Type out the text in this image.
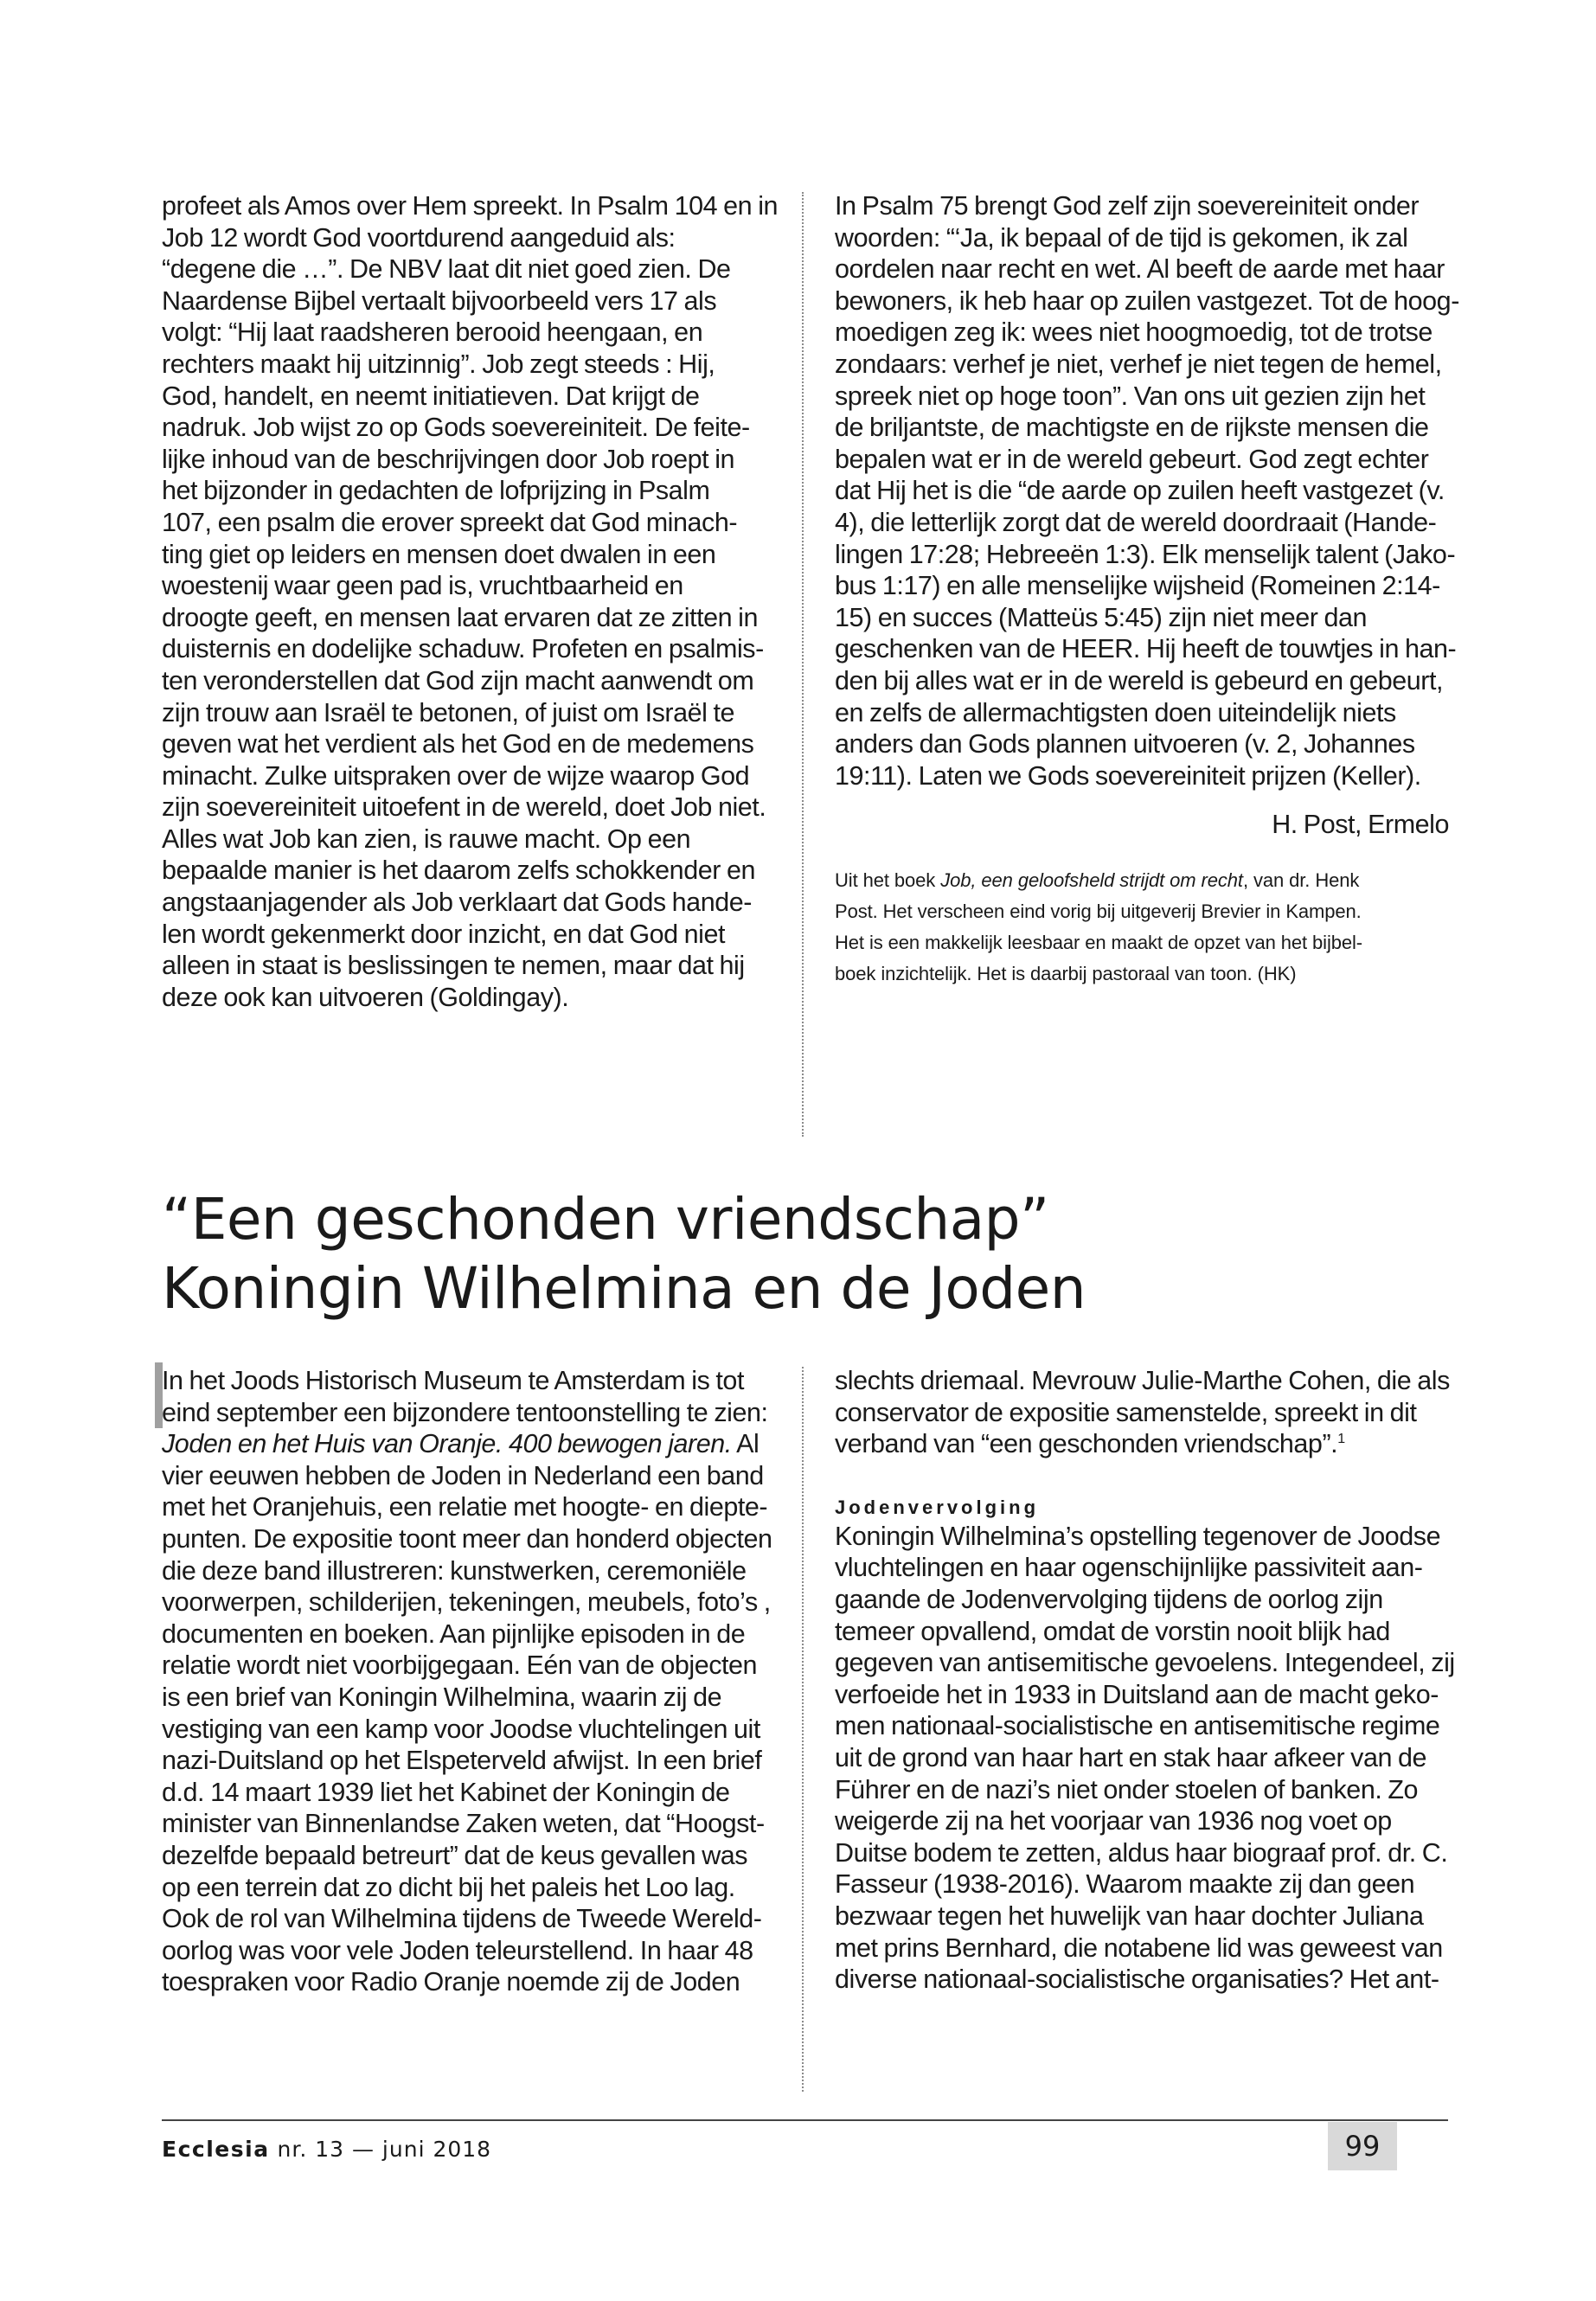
profeet als Amos over Hem spreekt. In Psalm 104 en in
Job 12 wordt God voortdurend aangeduid als:
“degene die …”. De NBV laat dit niet goed zien. De
Naardense Bijbel vertaalt bijvoorbeeld vers 17 als
volgt: “Hij laat raadsheren berooid heengaan, en
rechters maakt hij uitzinnig”. Job zegt steeds : Hij,
God, handelt, en neemt initiatieven. Dat krijgt de
nadruk. Job wijst zo op Gods soevereiniteit. De feite-
lijke inhoud van de beschrijvingen door Job roept in
het bijzonder in gedachten de lofprijzing in Psalm
107, een psalm die erover spreekt dat God minach-
ting giet op leiders en mensen doet dwalen in een
woestenij waar geen pad is, vruchtbaarheid en
droogte geeft, en mensen laat ervaren dat ze zitten in
duisternis en dodelijke schaduw. Profeten en psalmis-
ten veronderstellen dat God zijn macht aanwendt om
zijn trouw aan Israël te betonen, of juist om Israël te
geven wat het verdient als het God en de medemens
minacht. Zulke uitspraken over de wijze waarop God
zijn soevereiniteit uitoefent in de wereld, doet Job niet.
Alles wat Job kan zien, is rauwe macht. Op een
bepaalde manier is het daarom zelfs schokkender en
angstaanjagender als Job verklaart dat Gods hande-
len wordt gekenmerkt door inzicht, en dat God niet
alleen in staat is beslissingen te nemen, maar dat hij
deze ook kan uitvoeren (Goldingay).
In Psalm 75 brengt God zelf zijn soevereiniteit onder
woorden: “‘Ja, ik bepaal of de tijd is gekomen, ik zal
oordelen naar recht en wet. Al beeft de aarde met haar
bewoners, ik heb haar op zuilen vastgezet. Tot de hoog-
moedigen zeg ik: wees niet hoogmoedig, tot de trotse
zondaars: verhef je niet, verhef je niet tegen de hemel,
spreek niet op hoge toon”. Van ons uit gezien zijn het
de briljantste, de machtigste en de rijkste mensen die
bepalen wat er in de wereld gebeurt. God zegt echter
dat Hij het is die “de aarde op zuilen heeft vastgezet (v.
4), die letterlijk zorgt dat de wereld doordraait (Hande-
lingen 17:28; Hebreeën 1:3). Elk menselijk talent (Jako-
bus 1:17) en alle menselijke wijsheid (Romeinen 2:14-
15) en succes (Matteüs 5:45) zijn niet meer dan
geschenken van de HEER. Hij heeft de touwtjes in han-
den bij alles wat er in de wereld is gebeurd en gebeurt,
en zelfs de allermachtigsten doen uiteindelijk niets
anders dan Gods plannen uitvoeren (v. 2, Johannes
19:11). Laten we Gods soevereiniteit prijzen (Keller).
H. Post, Ermelo
Uit het boek Job, een geloofsheld strijdt om recht, van dr. Henk
Post. Het verscheen eind vorig bij uitgeverij Brevier in Kampen.
Het is een makkelijk leesbaar en maakt de opzet van het bijbel-
boek inzichtelijk. Het is daarbij pastoraal van toon. (HK)
“Een geschonden vriendschap”
Koningin Wilhelmina en de Joden
In het Joods Historisch Museum te Amsterdam is tot
eind september een bijzondere tentoonstelling te zien:
Joden en het Huis van Oranje. 400 bewogen jaren. Al
vier eeuwen hebben de Joden in Nederland een band
met het Oranjehuis, een relatie met hoogte- en diepte-
punten. De expositie toont meer dan honderd objecten
die deze band illustreren: kunstwerken, ceremoniële
voorwerpen, schilderijen, tekeningen, meubels, foto’s ,
documenten en boeken. Aan pijnlijke episoden in de
relatie wordt niet voorbijgegaan. Eén van de objecten
is een brief van Koningin Wilhelmina, waarin zij de
vestiging van een kamp voor Joodse vluchtelingen uit
nazi-Duitsland op het Elspeterveld afwijst. In een brief
d.d. 14 maart 1939 liet het Kabinet der Koningin de
minister van Binnenlandse Zaken weten, dat “Hoogst-
dezelfde bepaald betreurt” dat de keus gevallen was
op een terrein dat zo dicht bij het paleis het Loo lag.
Ook de rol van Wilhelmina tijdens de Tweede Wereld-
oorlog was voor vele Joden teleurstellend. In haar 48
toespraken voor Radio Oranje noemde zij de Joden
slechts driemaal. Mevrouw Julie-Marthe Cohen, die als
conservator de expositie samenstelde, spreekt in dit
verband van “een geschonden vriendschap”.$^1$
Jodenvervolging
Koningin Wilhelmina’s opstelling tegenover de Joodse
vluchtelingen en haar ogenschijnlijke passiviteit aan-
gaande de Jodenvervolging tijdens de oorlog zijn
temeer opvallend, omdat de vorstin nooit blijk had
gegeven van antisemitische gevoelens. Integendeel, zij
verfoeide het in 1933 in Duitsland aan de macht geko-
men nationaal-socialistische en antisemitische regime
uit de grond van haar hart en stak haar afkeer van de
Führer en de nazi’s niet onder stoelen of banken. Zo
weigerde zij na het voorjaar van 1936 nog voet op
Duitse bodem te zetten, aldus haar biograaf prof. dr. C.
Fasseur (1938-2016). Waarom maakte zij dan geen
bezwaar tegen het huwelijk van haar dochter Juliana
met prins Bernhard, die notabene lid was geweest van
diverse nationaal-socialistische organisaties? Het ant-
Ecclesia nr. 13 — juni 2018	99
